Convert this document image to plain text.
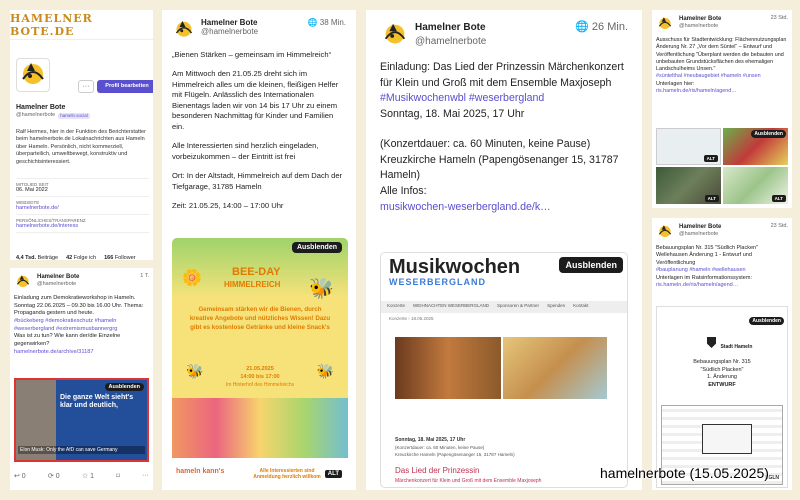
HAMELNER BOTE.DE
···	Profil bearbeiten
Hamelner Bote
@hamelnerbote	hameln.social
Ralf Hermes, hier in der Funktion des Berichterstatter beim hamelnerbote.de Lokalnachrichten aus Hameln über Hameln. Persönlich, nicht kommerziell, überparteilich, umweltbewegt, konstruktiv und geschichtsinteressiert.
MITGLIED SEIT
06. Mai 2022
WEBSEITE
hamelnerbote.de/
PERSÖNLICHES/TRANSPARENZ
hamelnerbote.de/interess
4,4 Tsd. Beiträge 42 Folge ich 166 Follower
Hamelner Bote
@hamelnerbote
1 T.
Einladung zum Demokratieworkshop in Hameln. Sonntag 22.06.2025 – 09.30 bis 16.00 Uhr. Thema: Propaganda gestern und heute.
#bückeberg #demokratieschutz #hameln #weserbergland #extremismusbannergrg
Was ist zu tun? Wie kann der/die Einzelne gegenwirken?
hamelnerbote.de/archive/31187
Die ganze Welt sieht's klar und deutlich,
Elon Musk: Only the AfD can save Germany
Ausblenden
↩ 0	⟳ 0	☆ 1	⌑	···
Hamelner Bote
@hamelnerbote
🌐 38 Min.

„Bienen Stärken – gemeinsam im Himmelreich“

Am Mittwoch den 21.05.25 dreht sich im Himmelreich alles um die kleinen, fleißigen Helfer mit Flügeln. Anlässlich des Internationalen Bienentags laden wir von 14 bis 17 Uhr zu einem besonderen Nachmittag für Kinder und Familien ein.

Alle Interessierten sind herzlich eingeladen, vorbeizukommen – der Eintritt ist frei

Ort: In der Altstadt, Himmelreich auf dem Dach der Tiefgarage, 31785 Hameln

Zeit: 21.05.25, 14:00 – 17:00 Uhr

BEE-DAY
HIMMELREICH 🐝
🌼
Gemeinsam stärken wir die Bienen, durch kreative Angebote und nützliches Wissen! Dazu gibt es kostenlose Getränke und kleine Snack's
21.05.2025
14:00 bis 17:00
Im Hinterhof des Himmelreichs
🐝	🐝
hameln kann's	Alle Interessierten sind Anmeldung herzlich willkom
Ausblenden
ALT
Hamelner Bote
@hamelnerbote
🌐 26 Min.
Einladung: Das Lied der Prinzessin Märchenkonzert für Klein und Groß mit dem Ensemble Maxjoseph
#Musikwochenwbl #weserbergland
Sonntag, 18. Mai 2025, 17 Uhr
(Konzertdauer: ca. 60 Minuten, keine Pause) Kreuzkirche Hameln (Papengösenanger 15, 31787 Hameln)
Alle Infos:
musikwochen-weserbergland.de/k…
Musikwochen
WESERBERGLAND
Konzerte WEIHNACHTEN WESERBERGLAND Sponsoren & Partner Spenden Kontakt
Konzerte › 18.05.2025
Sonntag, 18. Mai 2025, 17 Uhr
(Konzertdauer: ca. 60 Minuten, keine Pause)
Kreuzkirche Hameln (Papengösenanger 15, 31787 Hameln)
Das Lied der Prinzessin
Märchenkonzert für Klein und Groß mit dem Ensemble Maxjoseph
Ausblenden
Hamelner Bote
@hamelnerbote
23 Std.
Ausschuss für Stadtentwicklung: Flächennutzungsplan Änderung Nr. 27 „Vor dem Süntel“ – Entwurf und Veröffentlichung "Überplant werden die bebauten und unbebauten Grundstücksflächen des ehemaligen Landschulheims Unsen."
#süntelthal #neubaugebiet #hameln #unsen
Unterlagen hier:
ris.hameln.de/ris/hameln/agend…
ALT
Ausblenden
ALT	ALT
Hamelner Bote
@hamelnerbote
23 Std.
Bebauungsplan Nr. 315 "Südlich Placken" Wellehausen Änderung 1 - Entwurf und Veröffentlichung
#bauplanung #hameln #wellehausen
Unterlagen im Ratsinformationssystem:
ris.hameln.de/ris/hameln/agend…
Ausblenden
Stadt Hameln
Bebauungsplan Nr. 315
"Südlich Placken"
1. Änderung
ENTWURF
LGLN
hamelnerbote (15.05.2025)
